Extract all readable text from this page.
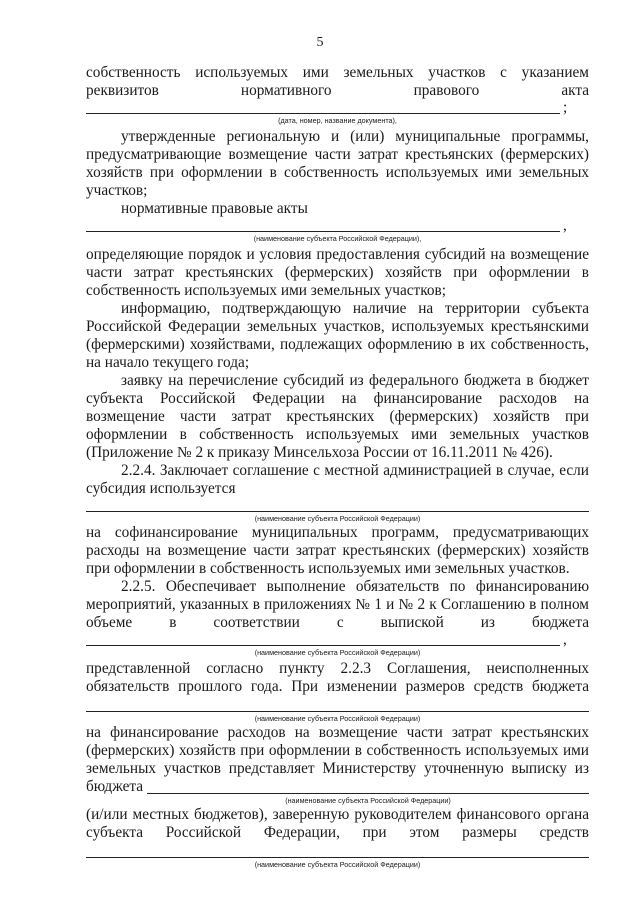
5
собственность используемых ими земельных участков с указанием
реквизитов нормативного правового акта
;
(дата, номер, название документа),
утвержденные региональную и (или) муниципальные программы,
предусматривающие возмещение части затрат крестьянских (фермерских)
хозяйств при оформлении в собственность используемых ими земельных
участков;
нормативные правовые акты
,
(наименование субъекта Российской Федерации),
определяющие порядок и условия предоставления субсидий на возмещение
части затрат крестьянских (фермерских) хозяйств при оформлении в
собственность используемых ими земельных участков;
информацию, подтверждающую наличие на территории субъекта
Российской Федерации земельных участков, используемых крестьянскими
(фермерскими) хозяйствами, подлежащих оформлению в их собственность,
на начало текущего года;
заявку на перечисление субсидий из федерального бюджета в бюджет
субъекта Российской Федерации на финансирование расходов на
возмещение части затрат крестьянских (фермерских) хозяйств при
оформлении в собственность используемых ими земельных участков
(Приложение № 2 к приказу Минсельхоза России от 16.11.2011 № 426).
2.2.4. Заключает соглашение с местной администрацией в случае, если
субсидия используется
(наименование субъекта Российской Федерации)
на софинансирование муниципальных программ, предусматривающих
расходы на возмещение части затрат крестьянских (фермерских) хозяйств
при оформлении в собственность используемых ими земельных участков.
2.2.5. Обеспечивает выполнение обязательств по финансированию
мероприятий, указанных в приложениях № 1 и № 2 к Соглашению в полном
объеме в соответствии с выпиской из бюджета
,
(наименование субъекта Российской Федерации)
представленной согласно пункту 2.2.3 Соглашения, неисполненных
обязательств прошлого года. При изменении размеров средств бюджета
(наименование субъекта Российской Федерации)
на финансирование расходов на возмещение части затрат крестьянских
(фермерских) хозяйств при оформлении в собственность используемых ими
земельных участков представляет Министерству уточненную выписку из
бюджета
(наименование субъекта Российской Федерации)
(и/или местных бюджетов), заверенную руководителем финансового органа
субъекта Российской Федерации, при этом размеры средств
(наименование субъекта Российской Федерации)
